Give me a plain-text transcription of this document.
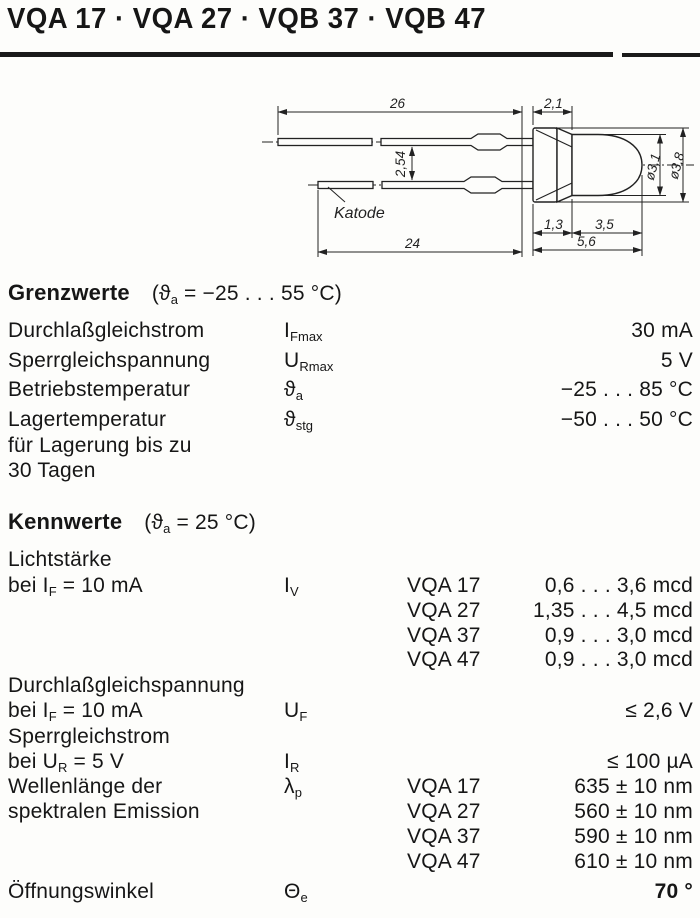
VQA 17 · VQA 27 · VQB 37 · VQB 47
26	2,1
2,54
24
1,3 3,5
5,6
ø3,1 ø3,8
Katode
Grenzwerte ($ϑ_a = -25$ . . . 55 °C)
Durchlaßgleichstrom	$I_{Fmax}$	30 mA
Sperrgleichspannung	$U_{Rmax}$	5 V
Betriebstemperatur	$ϑ_a$	−25 . . . 85 °C
Lagertemperatur	$ϑ_{stg}$	−50 . . . 50 °C
für Lagerung bis zu
30 Tagen
Kennwerte ($ϑ_a = 25$ °C)
Lichtstärke
bei $I_F = 10$ mA	$I_V$	VQA 17	0,6 . . . 3,6 mcd
VQA 27 1,35 . . . 4,5 mcd
VQA 37	0,9 . . . 3,0 mcd
VQA 47	0,9 . . . 3,0 mcd
Durchlaßgleichspannung
bei $I_F = 10$ mA	$U_F$	≤ 2,6 V
Sperrgleichstrom
bei $U_R = 5$ V	$I_R$	≤ 100 µA
Wellenlänge der	$\lambda_p$	VQA 17	635 ± 10 nm
spektralen Emission	VQA 27	560 ± 10 nm
VQA 37	590 ± 10 nm
VQA 47	610 ± 10 nm
Öffnungswinkel	$\Theta_e$	70 °
